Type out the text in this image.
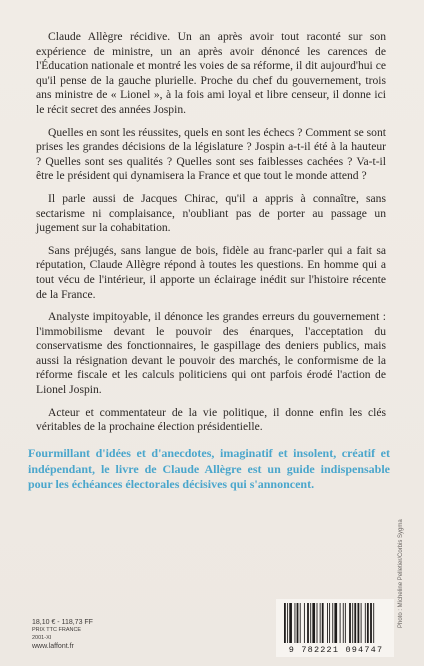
Claude Allègre récidive. Un an après avoir tout raconté sur son expérience de ministre, un an après avoir dénoncé les carences de l'Éducation nationale et montré les voies de sa réforme, il dit aujourd'hui ce qu'il pense de la gauche plurielle. Proche du chef du gouvernement, trois ans ministre de « Lionel », à la fois ami loyal et libre censeur, il donne ici le récit secret des années Jospin.

Quelles en sont les réussites, quels en sont les échecs ? Comment se sont prises les grandes décisions de la législature ? Jospin a-t-il été à la hauteur ? Quelles sont ses qualités ? Quelles sont ses faiblesses cachées ? Va-t-il être le président qui dynamisera la France et que tout le monde attend ?

Il parle aussi de Jacques Chirac, qu'il a appris à connaître, sans sectarisme ni complaisance, n'oubliant pas de porter au passage un jugement sur la cohabitation.

Sans préjugés, sans langue de bois, fidèle au franc-parler qui a fait sa réputation, Claude Allègre répond à toutes les questions. En homme qui a tout vécu de l'intérieur, il apporte un éclairage inédit sur l'histoire récente de la France.

Analyste impitoyable, il dénonce les grandes erreurs du gouvernement : l'immobilisme devant le pouvoir des énarques, l'acceptation du conservatisme des fonctionnaires, le gaspillage des deniers publics, mais aussi la résignation devant le pouvoir des marchés, le conformisme de la réforme fiscale et les calculs politiciens qui ont parfois érodé l'action de Lionel Jospin.

Acteur et commentateur de la vie politique, il donne enfin les clés véritables de la prochaine élection présidentielle.

Fourmillant d'idées et d'anecdotes, imaginatif et insolent, créatif et indépendant, le livre de Claude Allègre est un guide indispensable pour les échéances électorales décisives qui s'annoncent.
Photo : Micheline Pelletier/Corbis Sygma
18,10 € - 118,73 FF
PRIX TTC FRANCE
2001-XI
www.laffont.fr	9 782221 094747
